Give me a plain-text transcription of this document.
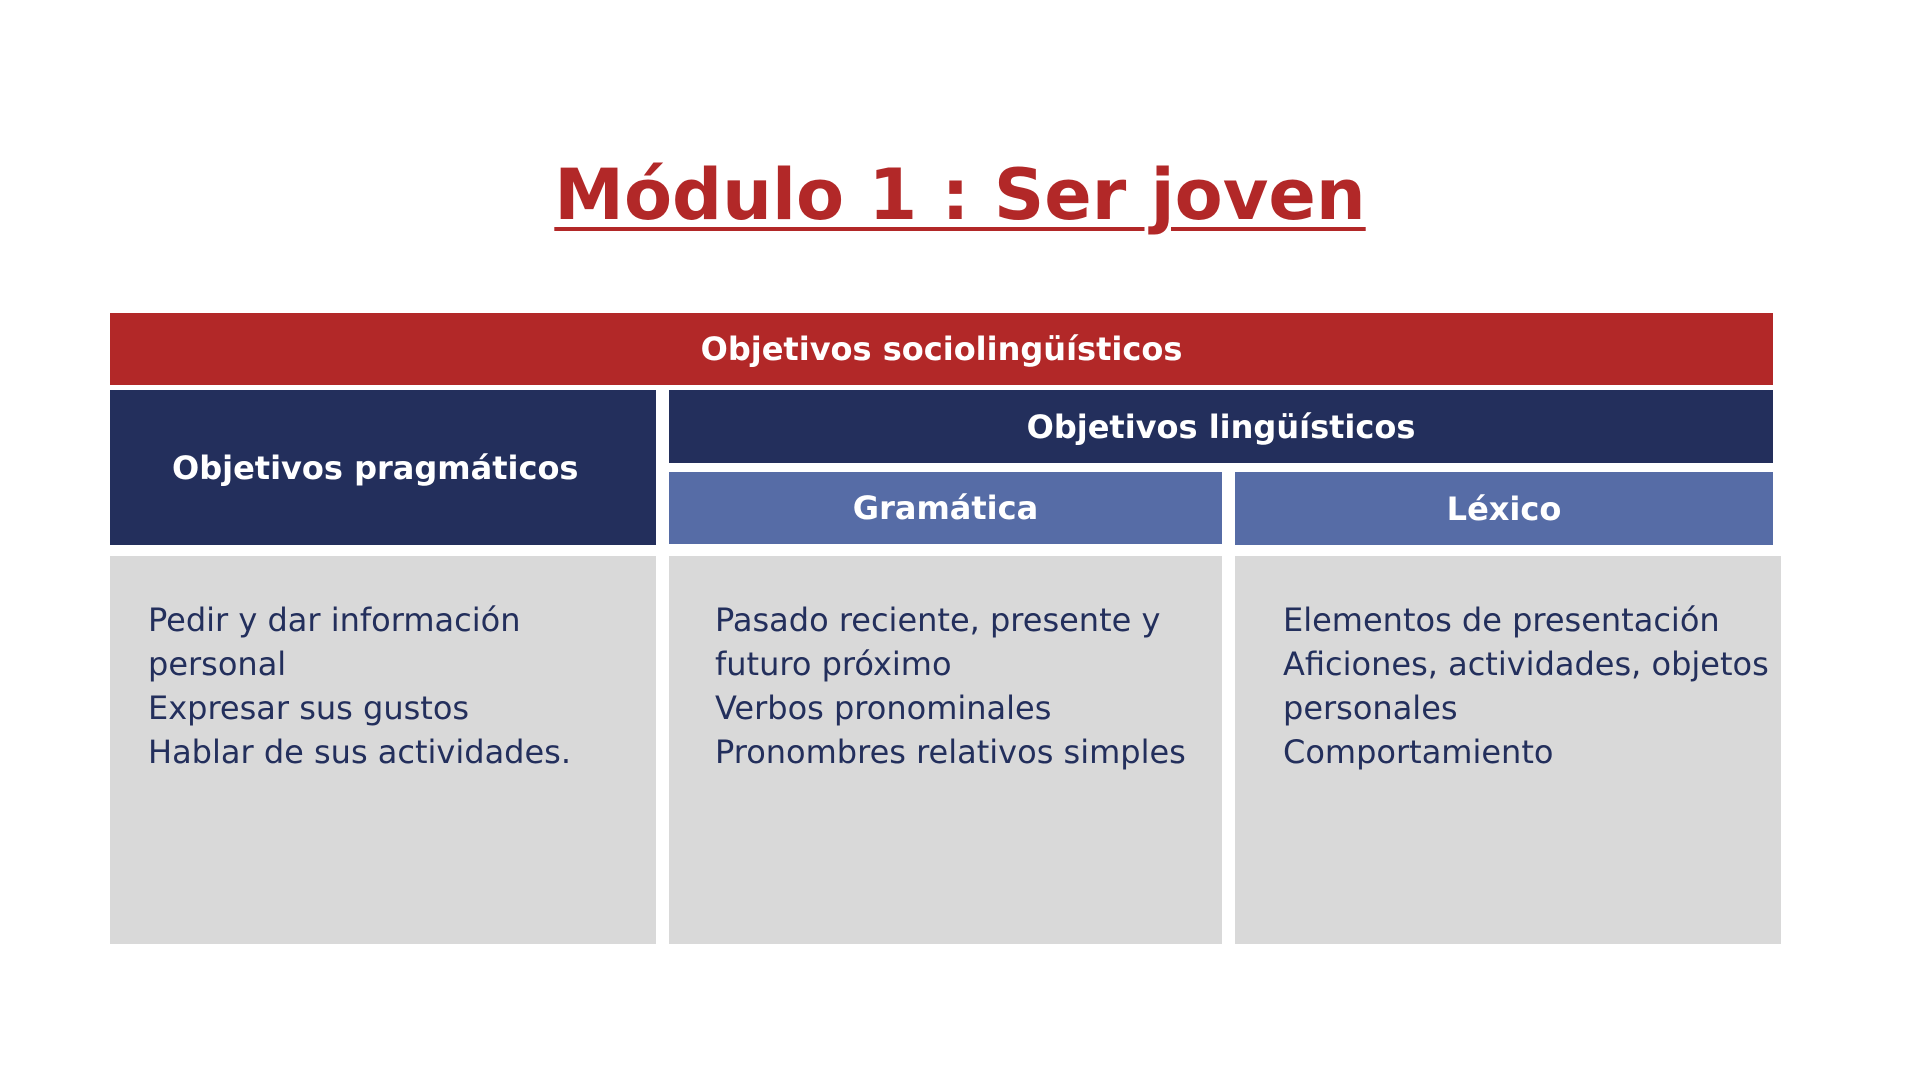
Módulo 1 : Ser joven
Objetivos sociolingüísticos
Objetivos pragmáticos
Objetivos lingüísticos
Gramática	Léxico
Pedir y dar información
personal
Expresar sus gustos
Hablar de sus actividades.
Pasado reciente, presente y
futuro próximo
Verbos pronominales
Pronombres relativos simples
Elementos de presentación
Aficiones, actividades, objetos
personales
Comportamiento
